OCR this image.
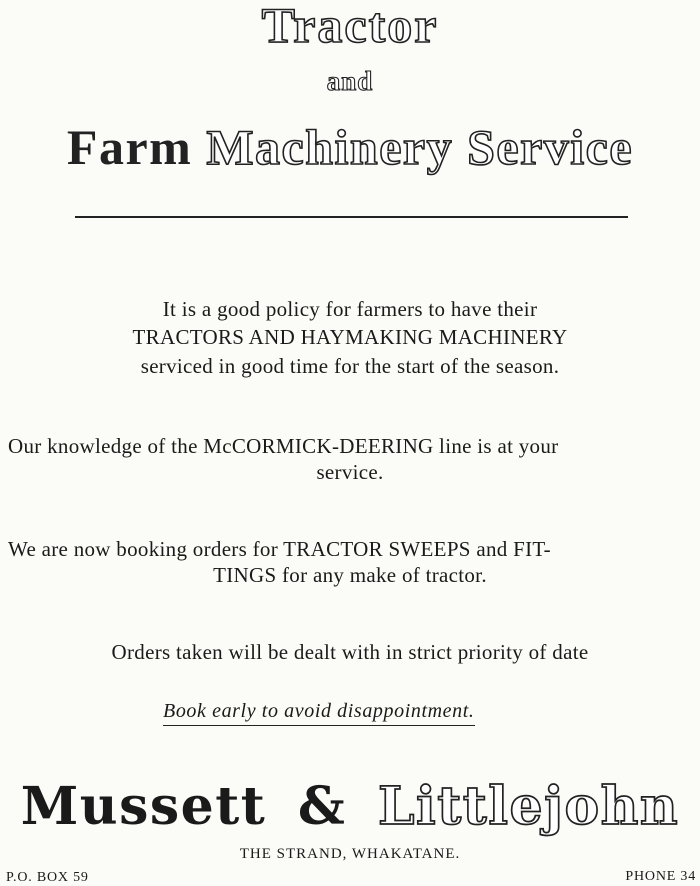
Tractor
and
Farm Machinery Service
It is a good policy for farmers to have their
TRACTORS AND HAYMAKING MACHINERY
serviced in good time for the start of the season.
Our knowledge of the McCORMICK-DEERING line is at your
service.
We are now booking orders for TRACTOR SWEEPS and FIT-
TINGS for any make of tractor.
Orders taken will be dealt with in strict priority of date
Book early to avoid disappointment.
Mussett & Littlejohn
THE STRAND, WHAKATANE.
P.O. BOX 59	PHONE 34
